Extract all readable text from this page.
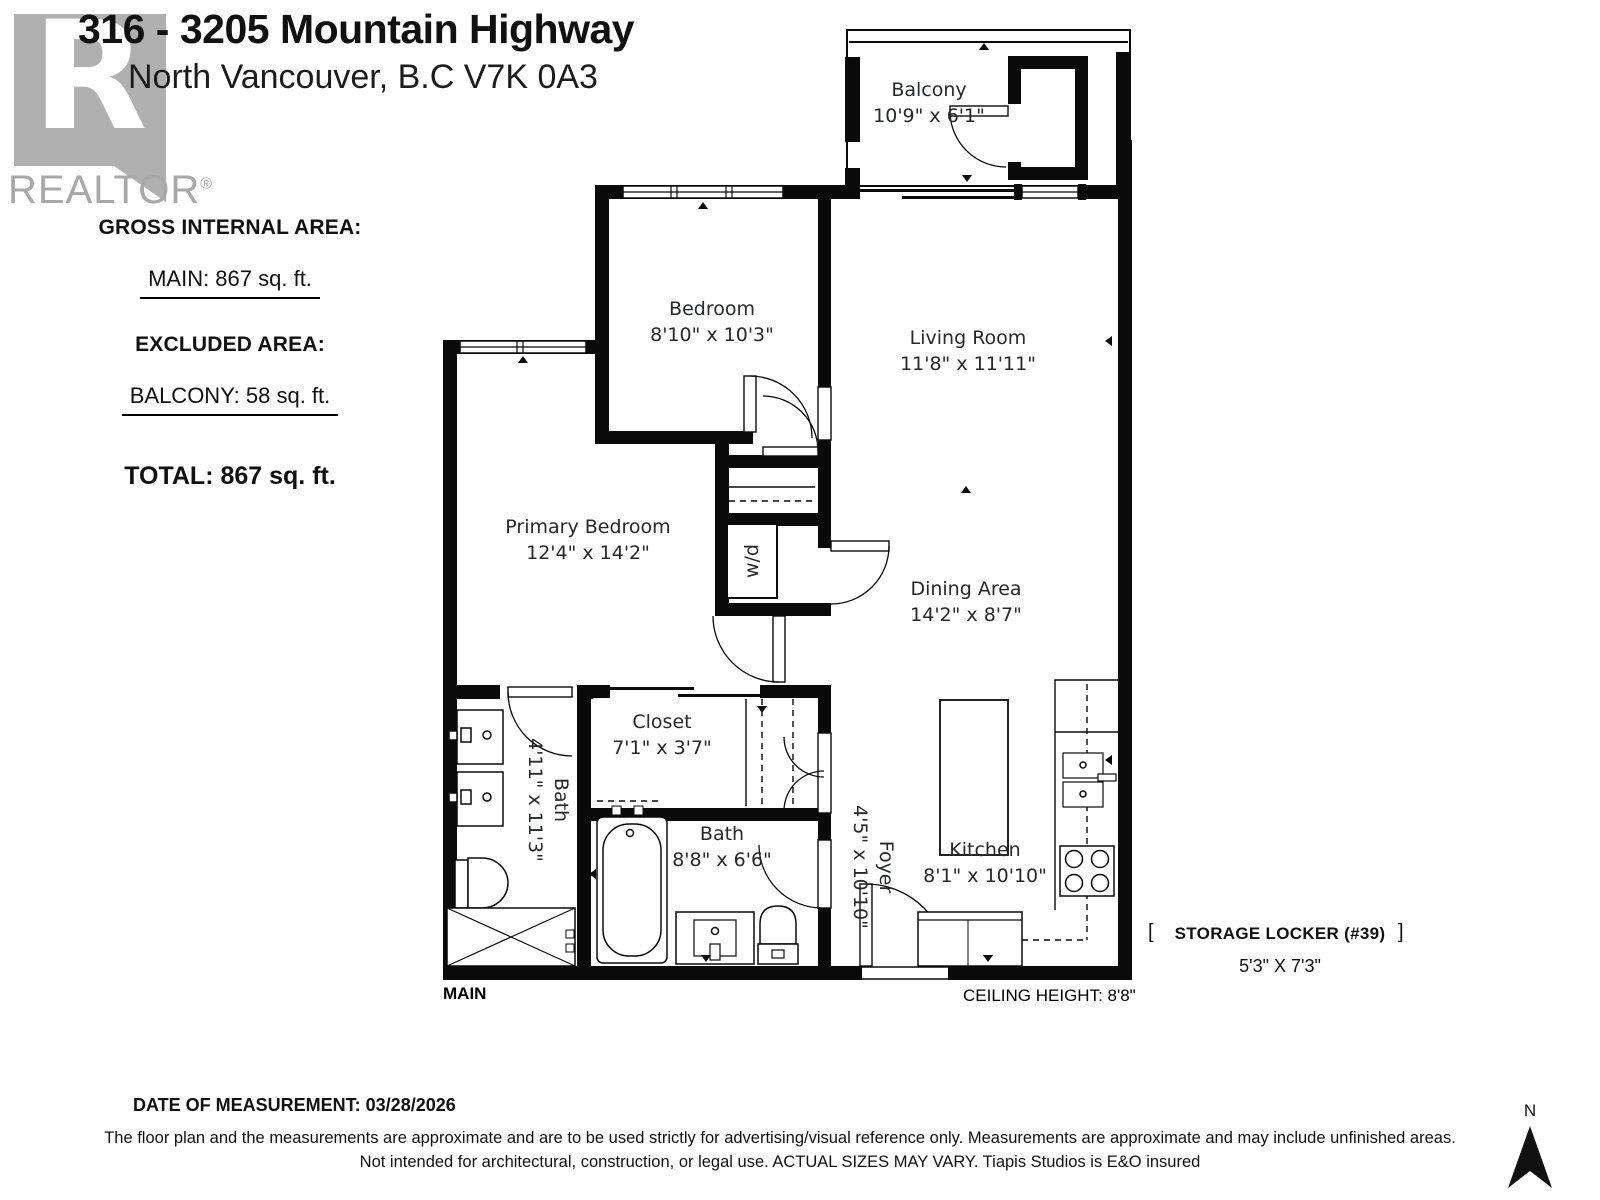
R
REALTOR®
316 - 3205 Mountain Highway
North Vancouver, B.C V7K 0A3
GROSS INTERNAL AREA:
MAIN: 867 sq. ft.
EXCLUDED AREA:
BALCONY: 58 sq. ft.
TOTAL: 867 sq. ft.
Balcony
10'9" x 6'1"
Bedroom
8'10" x 10'3"	Living Room
11'8" x 11'11"
Primary Bedroom
12'4" x 14'2"
Dining Area
14'2" x 8'7"
Closet
7'1" x 3'7"
Bath
4'11" x 11'3"	Bath
8'8" x 6'6"	Foyer
4'5" x 10'10"	Kitchen
8'1" x 10'10"
w/d
MAIN	CEILING HEIGHT: 8'8"
[	STORAGE LOCKER (#39) ]
5'3" X 7'3"
DATE OF MEASUREMENT: 03/28/2026
The floor plan and the measurements are approximate and are to be used strictly for advertising/visual reference only. Measurements are approximate and may include unfinished areas.
Not intended for architectural, construction, or legal use. ACTUAL SIZES MAY VARY. Tiapis Studios is E&O insured
N
